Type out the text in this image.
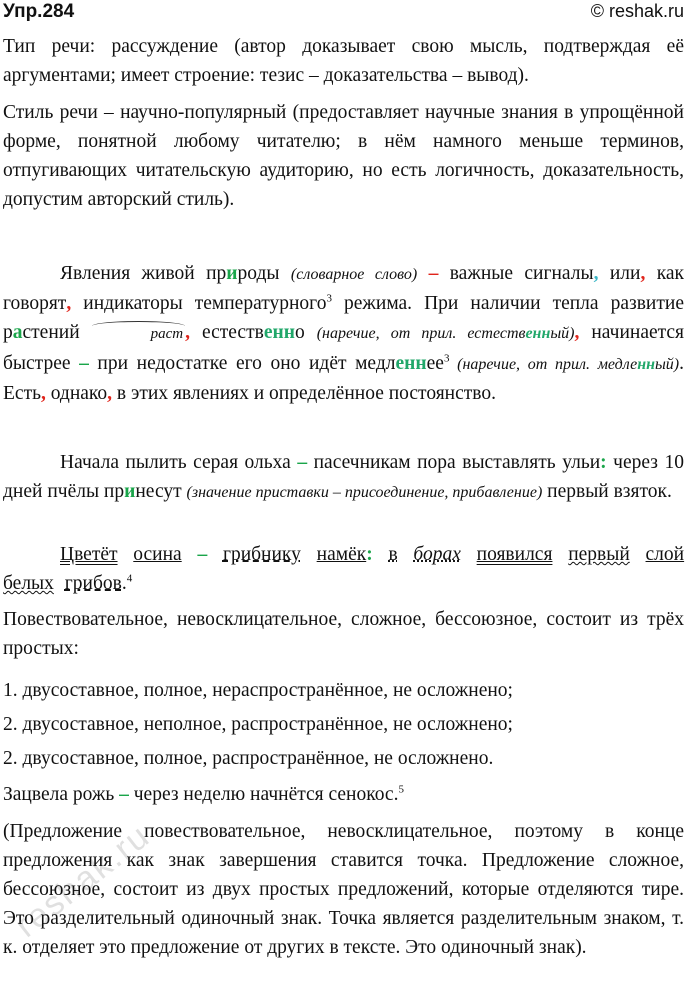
Упр.284	© reshak.ru

Тип речи: рассуждение (автор доказывает свою мысль, подтверждая её аргументами; имеет строение: тезис – доказательства – вывод).

Стиль речи – научно-популярный (предоставляет научные знания в упрощённой форме, понятной любому читателю; в нём намного меньше терминов, отпугивающих читательскую аудиторию, но есть логичность, доказательность, допустим авторский стиль).

Явления живой природы (словарное слово) – важные сигналы, или, как говорят, индикаторы температурного$^3$ режима. При наличии тепла развитие растений	раст , естественно (наречие, от прил. естественный), начинается быстрее – при недостатке его оно идёт медленнее$^3$ (наречие, от прил. медленный). Есть, однако, в этих явлениях и определённое постоянство.

Начала пылить серая ольха – пасечникам пора выставлять ульи: через 10 дней пчёлы принесут (значение приставки – присоединение, прибавление) первый взяток.

Цветёт осина – грибнику намёк: в борах появился первый слой белых грибов.$^4$

Повествовательное, невосклицательное, сложное, бессоюзное, состоит из трёх простых:

1. двусоставное, полное, нераспространённое, не осложнено;

2. двусоставное, неполное, распространённое, не осложнено;

2. двусоставное, полное, распространённое, не осложнено.

Зацвела рожь – через неделю начнётся сенокос.$^5$

(Предложение повествовательное, невосклицательное, поэтому в конце предложения как знак завершения ставится точка. Предложение сложное, бессоюзное, состоит из двух простых предложений, которые отделяются тире. Это разделительный одиночный знак. Точка является разделительным знаком, т. к. отделяет это предложение от других в тексте. Это одиночный знак).

reshak.ru
